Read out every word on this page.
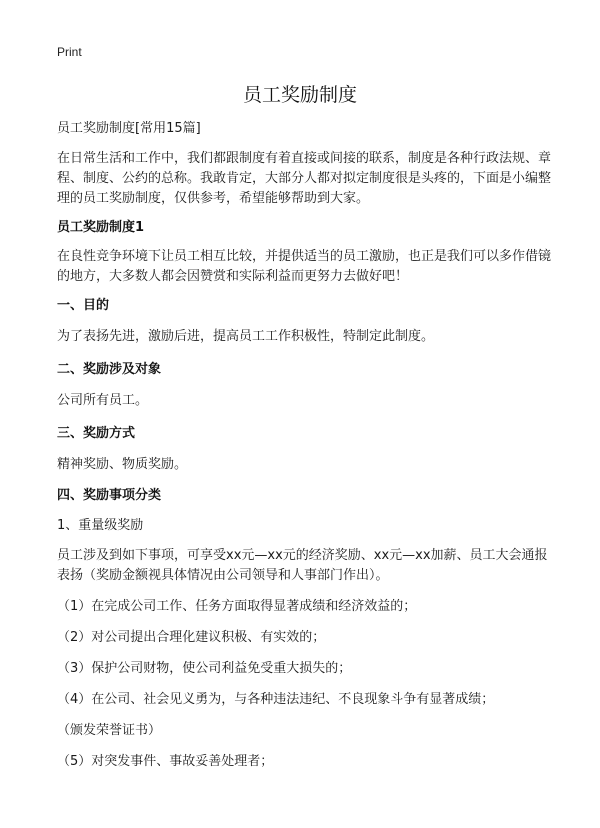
Print
员工奖励制度

员工奖励制度[常用15篇]

在日常生活和工作中，我们都跟制度有着直接或间接的联系，制度是各种行政法规、章程、制度、公约的总称。我敢肯定，大部分人都对拟定制度很是头疼的，下面是小编整理的员工奖励制度，仅供参考，希望能够帮助到大家。

员工奖励制度1

在良性竞争环境下让员工相互比较，并提供适当的员工激励，也正是我们可以多作借镜的地方，大多数人都会因赞赏和实际利益而更努力去做好吧！

一、目的

为了表扬先进，激励后进，提高员工工作积极性，特制定此制度。

二、奖励涉及对象

公司所有员工。

三、奖励方式

精神奖励、物质奖励。

四、奖励事项分类

1、重量级奖励

员工涉及到如下事项，可享受xx元—xx元的经济奖励、xx元—xx加薪、员工大会通报表扬（奖励金额视具体情况由公司领导和人事部门作出）。

（1）在完成公司工作、任务方面取得显著成绩和经济效益的；

（2）对公司提出合理化建议积极、有实效的；

（3）保护公司财物，使公司利益免受重大损失的；

（4）在公司、社会见义勇为，与各种违法违纪、不良现象斗争有显著成绩；

（颁发荣誉证书）

（5）对突发事件、事故妥善处理者；
